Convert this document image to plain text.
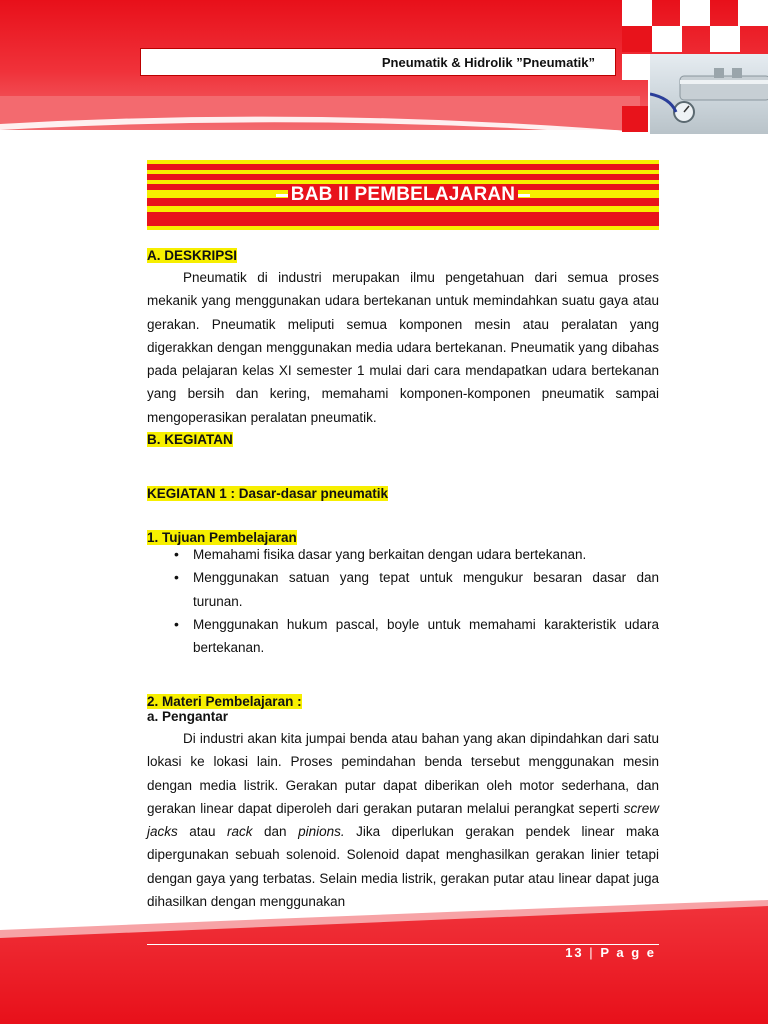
Pneumatik & Hidrolik ”Pneumatik”
BAB II PEMBELAJARAN
A. DESKRIPSI

Pneumatik di industri merupakan ilmu pengetahuan dari semua proses mekanik yang menggunakan udara bertekanan untuk memindahkan suatu gaya atau gerakan. Pneumatik meliputi semua komponen mesin atau peralatan yang digerakkan dengan menggunakan media udara bertekanan. Pneumatik yang dibahas pada pelajaran kelas XI semester 1 mulai dari cara mendapatkan udara bertekanan yang bersih dan kering, memahami komponen-komponen pneumatik sampai mengoperasikan peralatan pneumatik.

B. KEGIATAN
KEGIATAN 1 : Dasar-dasar pneumatik
1. Tujuan Pembelajaran
• Memahami fisika dasar yang berkaitan dengan udara bertekanan.
• Menggunakan satuan yang tepat untuk mengukur besaran dasar dan turunan.
• Menggunakan hukum pascal, boyle untuk memahami karakteristik udara bertekanan.
2. Materi Pembelajaran :
a. Pengantar

Di industri akan kita jumpai benda atau bahan yang akan dipindahkan dari satu lokasi ke lokasi lain. Proses pemindahan benda tersebut menggunakan mesin dengan media listrik. Gerakan putar dapat diberikan oleh motor sederhana, dan gerakan linear dapat diperoleh dari gerakan putaran melalui perangkat seperti screw jacks atau rack dan pinions. Jika diperlukan gerakan pendek linear maka dipergunakan sebuah solenoid. Solenoid dapat menghasilkan gerakan linier tetapi dengan gaya yang terbatas. Selain media listrik, gerakan putar atau linear dapat juga dihasilkan dengan menggunakan

13 | P a g e
